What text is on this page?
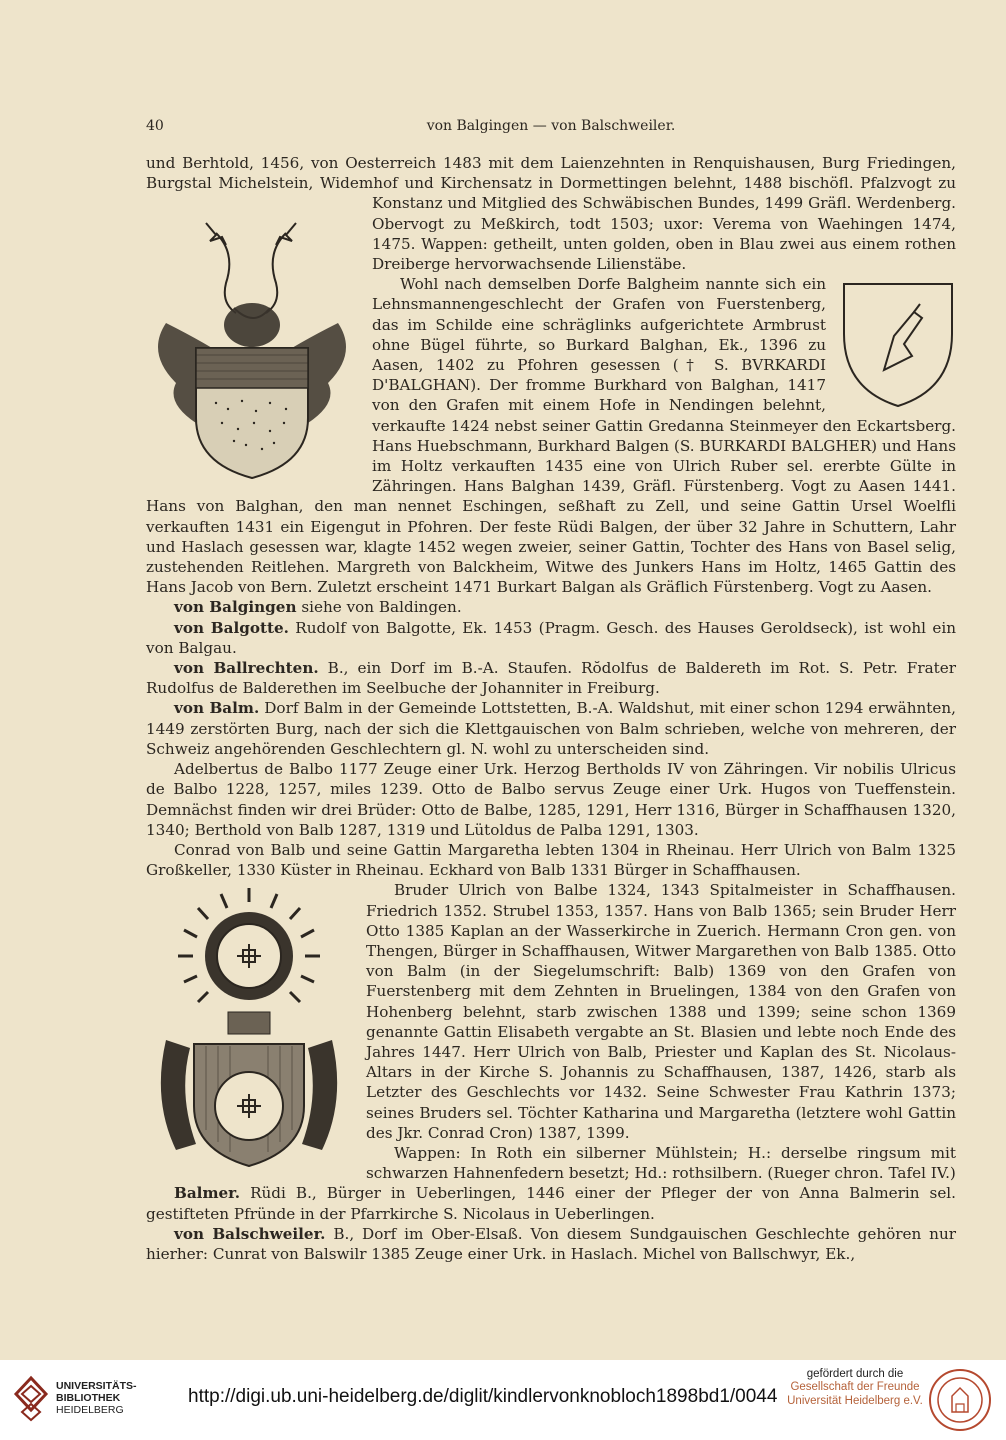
40	von Balgingen — von Balschweiler.

und Berhtold, 1456, von Oesterreich 1483 mit dem Laienzehnten in Renquishausen, Burg Friedingen, Burgstal Michelstein, Widemhof und Kirchensatz in Dormettingen belehnt, 1488 bischöfl. Pfalzvogt zu Konstanz und Mitglied des Schwäbischen Bundes, 1499 Gräfl. Werdenberg. Obervogt zu Meßkirch, todt 1503; uxor: Verema von Waehingen 1474, 1475. Wappen: getheilt, unten golden, oben in Blau zwei aus einem rothen Dreiberge hervorwachsende Lilienstäbe.

Wohl nach demselben Dorfe Balgheim nannte sich ein Lehnsmannengeschlecht der Grafen von Fuerstenberg, das im Schilde eine schräglinks aufgerichtete Armbrust ohne Bügel führte, so Burkard Balghan, Ek., 1396 zu Aasen, 1402 zu Pfohren gesessen († S. BVRKARDI D'BALGHAN). Der fromme Burkhard von Balghan, 1417 von den Grafen mit einem Hofe in Nendingen belehnt, verkaufte 1424 nebst seiner Gattin Gredanna Steinmeyer den Eckartsberg. Hans Huebschmann, Burkhard Balgen (S. BURKARDI BALGHER) und Hans im Holtz verkauften 1435 eine von Ulrich Ruber sel. ererbte Gülte in Zähringen. Hans Balghan 1439, Gräfl. Fürstenberg. Vogt zu Aasen 1441. Hans von Balghan, den man nennet Eschingen, seßhaft zu Zell, und seine Gattin Ursel Woelfli verkauften 1431 ein Eigengut in Pfohren. Der feste Rüdi Balgen, der über 32 Jahre in Schuttern, Lahr und Haslach gesessen war, klagte 1452 wegen zweier, seiner Gattin, Tochter des Hans von Basel selig, zustehenden Reitlehen. Margreth von Balckheim, Witwe des Junkers Hans im Holtz, 1465 Gattin des Hans Jacob von Bern. Zuletzt erscheint 1471 Burkart Balgan als Gräflich Fürstenberg. Vogt zu Aasen.

von Balgingen siehe von Baldingen.

von Balgotte. Rudolf von Balgotte, Ek. 1453 (Pragm. Gesch. des Hauses Geroldseck), ist wohl ein von Balgau.

von Ballrechten. B., ein Dorf im B.-A. Staufen. Rŏdolfus de Baldereth im Rot. S. Petr. Frater Rudolfus de Balderethen im Seelbuche der Johanniter in Freiburg.

von Balm. Dorf Balm in der Gemeinde Lottstetten, B.-A. Waldshut, mit einer schon 1294 erwähnten, 1449 zerstörten Burg, nach der sich die Klettgauischen von Balm schrieben, welche von mehreren, der Schweiz angehörenden Geschlechtern gl. N. wohl zu unterscheiden sind.

Adelbertus de Balbo 1177 Zeuge einer Urk. Herzog Bertholds IV von Zähringen. Vir nobilis Ulricus de Balbo 1228, 1257, miles 1239. Otto de Balbo servus Zeuge einer Urk. Hugos von Tueffenstein. Demnächst finden wir drei Brüder: Otto de Balbe, 1285, 1291, Herr 1316, Bürger in Schaffhausen 1320, 1340; Berthold von Balb 1287, 1319 und Lütoldus de Palba 1291, 1303.

Conrad von Balb und seine Gattin Margaretha lebten 1304 in Rheinau. Herr Ulrich von Balm 1325 Großkeller, 1330 Küster in Rheinau. Eckhard von Balb 1331 Bürger in Schaffhausen.

Bruder Ulrich von Balbe 1324, 1343 Spitalmeister in Schaffhausen. Friedrich 1352. Strubel 1353, 1357. Hans von Balb 1365; sein Bruder Herr Otto 1385 Kaplan an der Wasserkirche in Zuerich. Hermann Cron gen. von Thengen, Bürger in Schaffhausen, Witwer Margarethen von Balb 1385. Otto von Balm (in der Siegelumschrift: Balb) 1369 von den Grafen von Fuerstenberg mit dem Zehnten in Bruelingen, 1384 von den Grafen von Hohenberg belehnt, starb zwischen 1388 und 1399; seine schon 1369 genannte Gattin Elisabeth vergabte an St. Blasien und lebte noch Ende des Jahres 1447. Herr Ulrich von Balb, Priester und Kaplan des St. Nicolaus-Altars in der Kirche S. Johannis zu Schaffhausen, 1387, 1426, starb als Letzter des Geschlechts vor 1432. Seine Schwester Frau Kathrin 1373; seines Bruders sel. Töchter Katharina und Margaretha (letztere wohl Gattin des Jkr. Conrad Cron) 1387, 1399.

Wappen: In Roth ein silberner Mühlstein; H.: derselbe ringsum mit schwarzen Hahnenfedern besetzt; Hd.: rothsilbern. (Rueger chron. Tafel IV.)

Balmer. Rüdi B., Bürger in Ueberlingen, 1446 einer der Pfleger der von Anna Balmerin sel. gestifteten Pfründe in der Pfarrkirche S. Nicolaus in Ueberlingen.

von Balschweiler. B., Dorf im Ober-Elsaß. Von diesem Sundgauischen Geschlechte gehören nur hierher: Cunrat von Balswilr 1385 Zeuge einer Urk. in Haslach. Michel von Ballschwyr, Ek.,

UNIVERSITÄTS-
BIBLIOTHEK
HEIDELBERG
http://digi.ub.uni-heidelberg.de/diglit/kindlervonknobloch1898bd1/0044
gefördert durch die
Gesellschaft der Freunde
Universität Heidelberg e.V.
